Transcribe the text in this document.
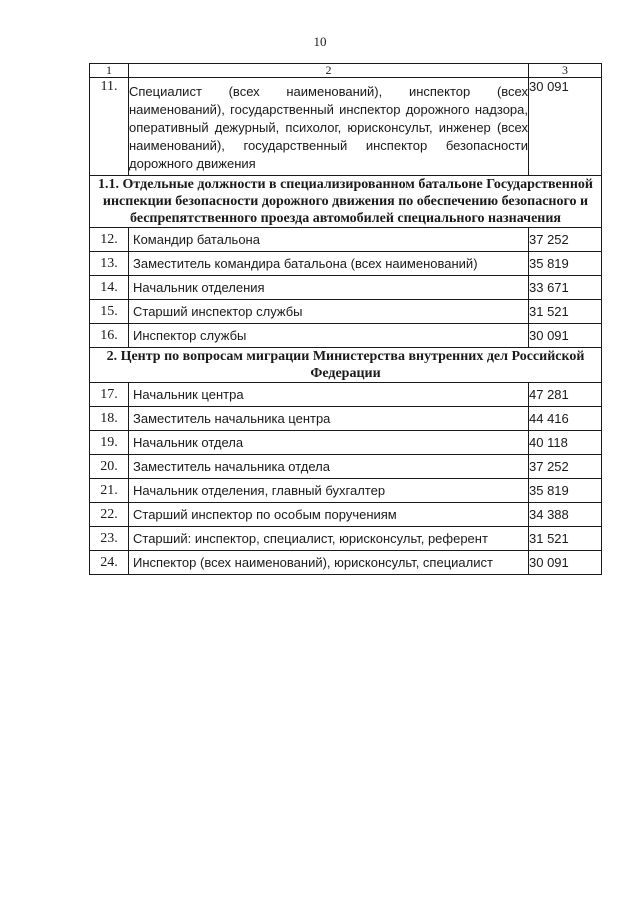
10
1	2	3
11.	Специалист (всех наименований), инспектор (всех наименований), государственный инспектор дорожного надзора, оперативный дежурный, психолог, юрисконсульт, инженер (всех наименований), государственный инспектор безопасности дорожного движения	30 091
1.1. Отдельные должности в специализированном батальоне Государственной инспекции безопасности дорожного движения по обеспечению безопасного и беспрепятственного проезда автомобилей специального назначения		
12.	Командир батальона	37 252
13.	Заместитель командира батальона (всех наименований)	35 819
14.	Начальник отделения	33 671
15.	Старший инспектор службы	31 521
16.	Инспектор службы	30 091
2. Центр по вопросам миграции Министерства внутренних дел Российской Федерации		
17.	Начальник центра	47 281
18.	Заместитель начальника центра	44 416
19.	Начальник отдела	40 118
20.	Заместитель начальника отдела	37 252
21.	Начальник отделения, главный бухгалтер	35 819
22.	Старший инспектор по особым поручениям	34 388
23.	Старший: инспектор, специалист, юрисконсульт, референт	31 521
24.	Инспектор (всех наименований), юрисконсульт, специалист	30 091
